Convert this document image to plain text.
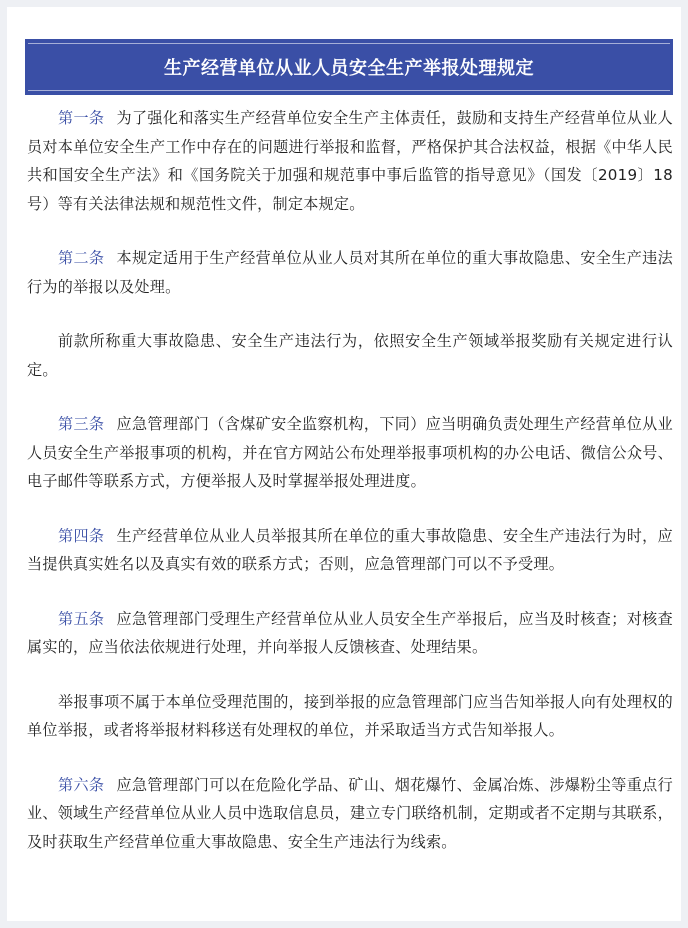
生产经营单位从业人员安全生产举报处理规定

第一条 为了强化和落实生产经营单位安全生产主体责任，鼓励和支持生产经营单位从业人员对本单位安全生产工作中存在的问题进行举报和监督，严格保护其合法权益，根据《中华人民共和国安全生产法》和《国务院关于加强和规范事中事后监管的指导意见》（国发〔2019〕18号）等有关法律法规和规范性文件，制定本规定。

第二条 本规定适用于生产经营单位从业人员对其所在单位的重大事故隐患、安全生产违法行为的举报以及处理。

前款所称重大事故隐患、安全生产违法行为，依照安全生产领域举报奖励有关规定进行认定。

第三条 应急管理部门（含煤矿安全监察机构，下同）应当明确负责处理生产经营单位从业人员安全生产举报事项的机构，并在官方网站公布处理举报事项机构的办公电话、微信公众号、电子邮件等联系方式，方便举报人及时掌握举报处理进度。

第四条 生产经营单位从业人员举报其所在单位的重大事故隐患、安全生产违法行为时，应当提供真实姓名以及真实有效的联系方式；否则，应急管理部门可以不予受理。

第五条 应急管理部门受理生产经营单位从业人员安全生产举报后，应当及时核查；对核查属实的，应当依法依规进行处理，并向举报人反馈核查、处理结果。

举报事项不属于本单位受理范围的，接到举报的应急管理部门应当告知举报人向有处理权的单位举报，或者将举报材料移送有处理权的单位，并采取适当方式告知举报人。

第六条 应急管理部门可以在危险化学品、矿山、烟花爆竹、金属冶炼、涉爆粉尘等重点行业、领域生产经营单位从业人员中选取信息员，建立专门联络机制，定期或者不定期与其联系，及时获取生产经营单位重大事故隐患、安全生产违法行为线索。
